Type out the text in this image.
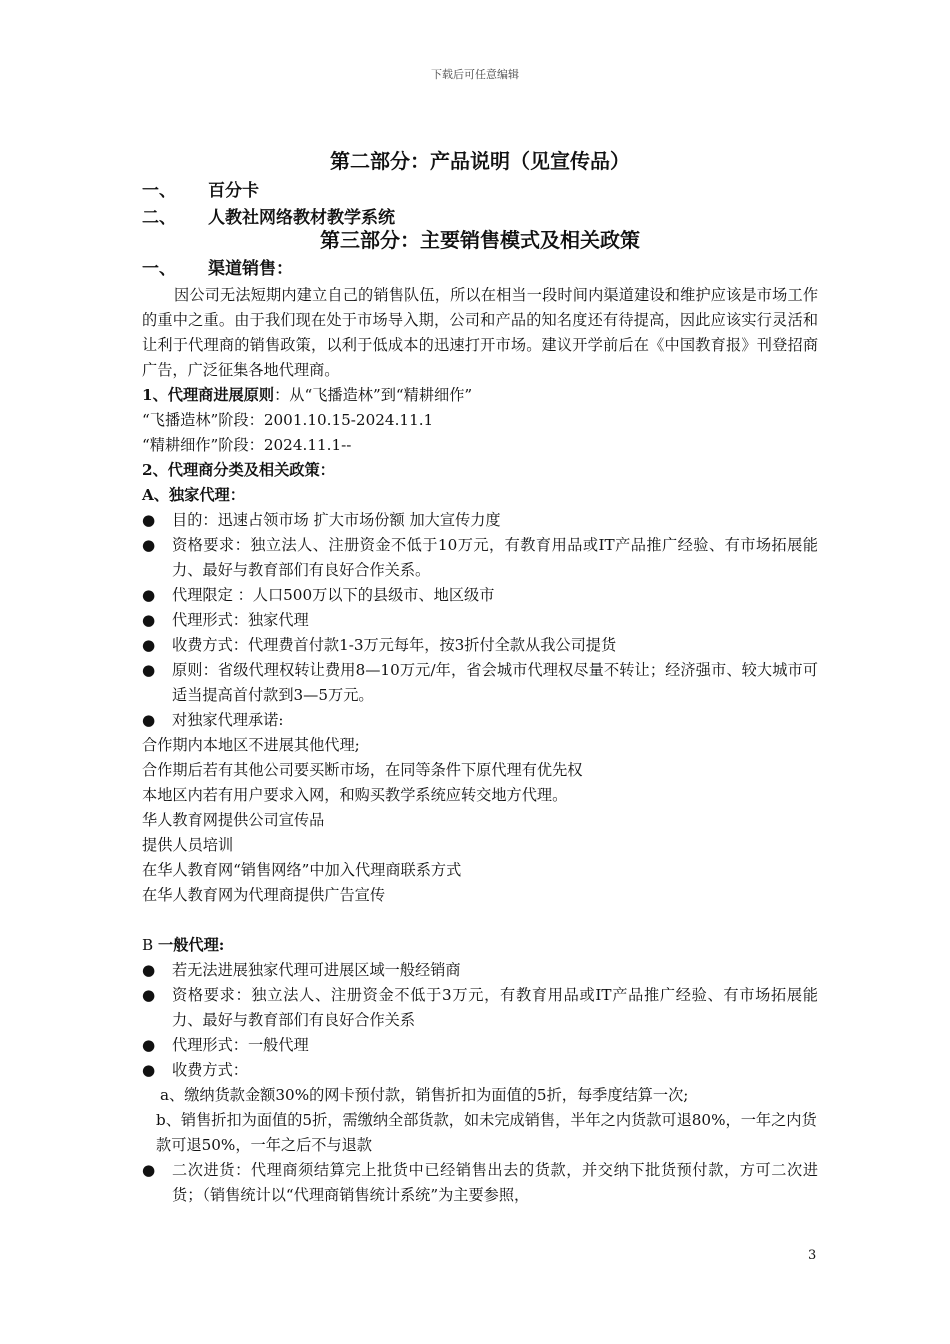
下载后可任意编辑
第二部分：产品说明（见宣传品）
一、 百分卡
二、 人教社网络教材教学系统
第三部分：主要销售模式及相关政策
一、 渠道销售：

因公司无法短期内建立自己的销售队伍，所以在相当一段时间内渠道建设和维护应该是市场工作的重中之重。由于我们现在处于市场导入期，公司和产品的知名度还有待提高，因此应该实行灵活和让利于代理商的销售政策，以利于低成本的迅速打开市场。建议开学前后在《中国教育报》刊登招商广告，广泛征集各地代理商。

1、代理商进展原则：从“飞播造林”到“精耕细作”

“飞播造林”阶段：2001.10.15-2024.11.1

“精耕细作”阶段：2024.11.1--

2、代理商分类及相关政策：

A、独家代理：

● 目的：迅速占领市场 扩大市场份额 加大宣传力度

● 资格要求：独立法人、注册资金不低于10万元，有教育用品或IT产品推广经验、有市场拓展能力、最好与教育部们有良好合作关系。

● 代理限定 ：人口500万以下的县级市、地区级市

● 代理形式：独家代理

● 收费方式：代理费首付款1-3万元每年，按3折付全款从我公司提货

● 原则：省级代理权转让费用8—10万元/年，省会城市代理权尽量不转让；经济强市、较大城市可适当提高首付款到3—5万元。

● 对独家代理承诺:

合作期内本地区不进展其他代理;

合作期后若有其他公司要买断市场，在同等条件下原代理有优先权

本地区内若有用户要求入网，和购买教学系统应转交地方代理。

华人教育网提供公司宣传品

提供人员培训

在华人教育网“销售网络”中加入代理商联系方式

在华人教育网为代理商提供广告宣传

B 一般代理:

● 若无法进展独家代理可进展区域一般经销商

● 资格要求：独立法人、注册资金不低于3万元，有教育用品或IT产品推广经验、有市场拓展能力、最好与教育部们有良好合作关系

● 代理形式：一般代理

● 收费方式：

a、缴纳货款金额30%的网卡预付款，销售折扣为面值的5折，每季度结算一次;

b、销售折扣为面值的5折，需缴纳全部货款，如未完成销售，半年之内货款可退80%，一年之内货款可退50%，一年之后不与退款

● 二次进货：代理商须结算完上批货中已经销售出去的货款，并交纳下批货预付款，方可二次进货；（销售统计以“代理商销售统计系统”为主要参照，

3
